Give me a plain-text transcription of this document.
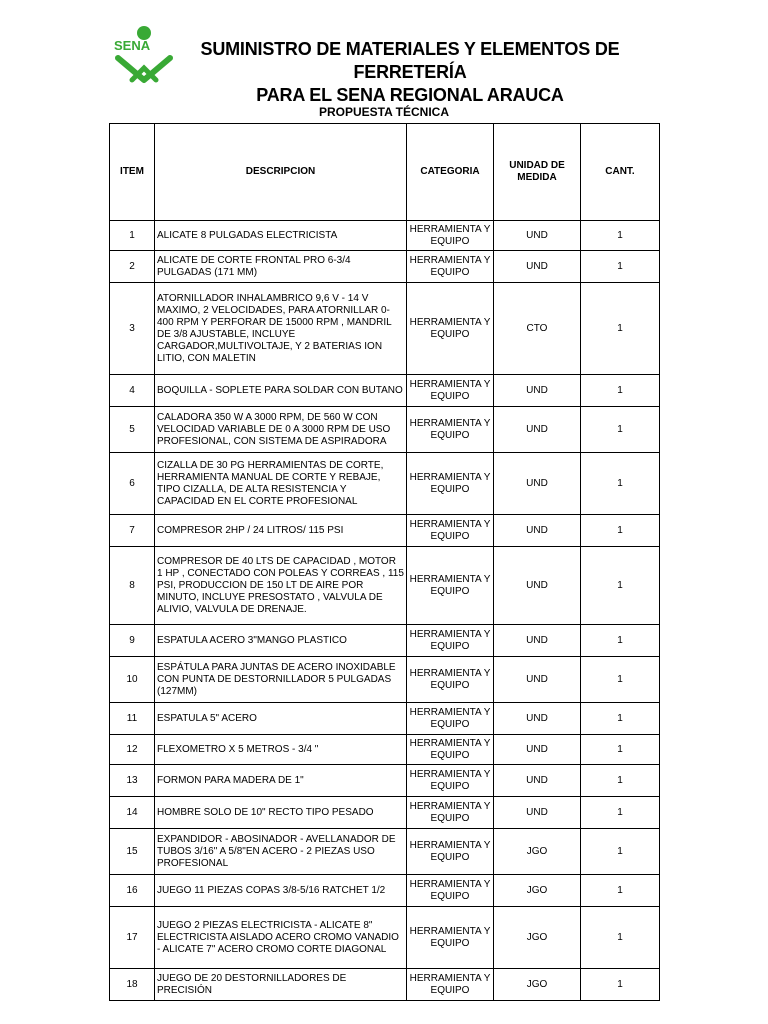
SENA	SUMINISTRO DE MATERIALES Y ELEMENTOS DE FERRETERÍA
PARA EL SENA REGIONAL ARAUCA
PROPUESTA TÉCNICA
ITEM	DESCRIPCION	CATEGORIA	UNIDAD DE MEDIDA	CANT.
1	ALICATE 8 PULGADAS ELECTRICISTA	HERRAMIENTA Y EQUIPO	UND	1
2	ALICATE DE CORTE FRONTAL PRO 6-3/4 PULGADAS (171 MM)	HERRAMIENTA Y EQUIPO	UND	1
3	ATORNILLADOR INHALAMBRICO 9,6 V - 14 V MAXIMO, 2 VELOCIDADES, PARA ATORNILLAR 0-400 RPM Y PERFORAR DE 15000 RPM , MANDRIL DE 3/8 AJUSTABLE, INCLUYE CARGADOR,MULTIVOLTAJE, Y 2 BATERIAS ION LITIO, CON MALETIN	HERRAMIENTA Y EQUIPO	CTO	1
4	BOQUILLA - SOPLETE PARA SOLDAR CON BUTANO	HERRAMIENTA Y EQUIPO	UND	1
5	CALADORA 350 W A 3000 RPM, DE 560 W CON VELOCIDAD VARIABLE DE 0 A 3000 RPM DE USO PROFESIONAL, CON SISTEMA DE ASPIRADORA	HERRAMIENTA Y EQUIPO	UND	1
6	CIZALLA DE 30 PG HERRAMIENTAS DE CORTE, HERRAMIENTA MANUAL DE CORTE Y REBAJE, TIPO CIZALLA, DE ALTA RESISTENCIA Y CAPACIDAD EN EL CORTE PROFESIONAL	HERRAMIENTA Y EQUIPO	UND	1
7	COMPRESOR 2HP / 24 LITROS/ 115 PSI	HERRAMIENTA Y EQUIPO	UND	1
8	COMPRESOR DE 40 LTS DE CAPACIDAD , MOTOR 1 HP , CONECTADO CON POLEAS Y CORREAS , 115 PSI, PRODUCCION DE 150 LT DE AIRE POR MINUTO, INCLUYE PRESOSTATO , VALVULA DE ALIVIO, VALVULA DE DRENAJE.	HERRAMIENTA Y EQUIPO	UND	1
9	ESPATULA ACERO 3"MANGO PLASTICO	HERRAMIENTA Y EQUIPO	UND	1
10	ESPÁTULA PARA JUNTAS DE ACERO INOXIDABLE CON PUNTA DE DESTORNILLADOR 5 PULGADAS (127MM)	HERRAMIENTA Y EQUIPO	UND	1
11	ESPATULA 5" ACERO	HERRAMIENTA Y EQUIPO	UND	1
12	FLEXOMETRO X 5 METROS - 3/4 "	HERRAMIENTA Y EQUIPO	UND	1
13	FORMON PARA MADERA DE 1"	HERRAMIENTA Y EQUIPO	UND	1
14	HOMBRE SOLO DE 10" RECTO TIPO PESADO	HERRAMIENTA Y EQUIPO	UND	1
15	EXPANDIDOR - ABOSINADOR - AVELLANADOR DE TUBOS 3/16" A 5/8"EN ACERO - 2 PIEZAS USO PROFESIONAL	HERRAMIENTA Y EQUIPO	JGO	1
16	JUEGO 11 PIEZAS COPAS 3/8-5/16 RATCHET 1/2	HERRAMIENTA Y EQUIPO	JGO	1
17	JUEGO 2 PIEZAS ELECTRICISTA - ALICATE 8" ELECTRICISTA AISLADO ACERO CROMO VANADIO - ALICATE 7" ACERO CROMO CORTE DIAGONAL	HERRAMIENTA Y EQUIPO	JGO	1
18	JUEGO DE 20 DESTORNILLADORES DE PRECISIÓN	HERRAMIENTA Y EQUIPO	JGO	1
